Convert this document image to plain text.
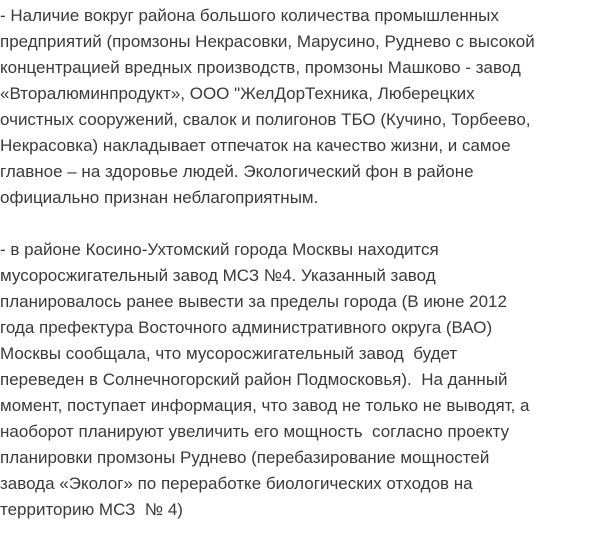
- Наличие вокруг района большого количества промышленных
предприятий (промзоны Некрасовки, Марусино, Руднево с высокой
концентрацией вредных производств, промзоны Машково - завод
«Вторалюминпродукт», ООО "ЖелДорТехника, Люберецких
очистных сооружений, свалок и полигонов ТБО (Кучино, Торбеево,
Некрасовка) накладывает отпечаток на качество жизни, и самое
главное – на здоровье людей. Экологический фон в районе
официально признан неблагоприятным.
- в районе Косино-Ухтомский города Москвы находится
мусоросжигательный завод МСЗ №4. Указанный завод
планировалось ранее вывести за пределы города (В июне 2012
года префектура Восточного административного округа (ВАО)
Москвы сообщала, что мусоросжигательный завод  будет
переведен в Солнечногорский район Подмосковья).  На данный
момент, поступает информация, что завод не только не выводят, а
наоборот планируют увеличить его мощность  согласно проекту
планировки промзоны Руднево (перебазирование мощностей
завода «Эколог» по переработке биологических отходов на
территорию МСЗ  № 4)
